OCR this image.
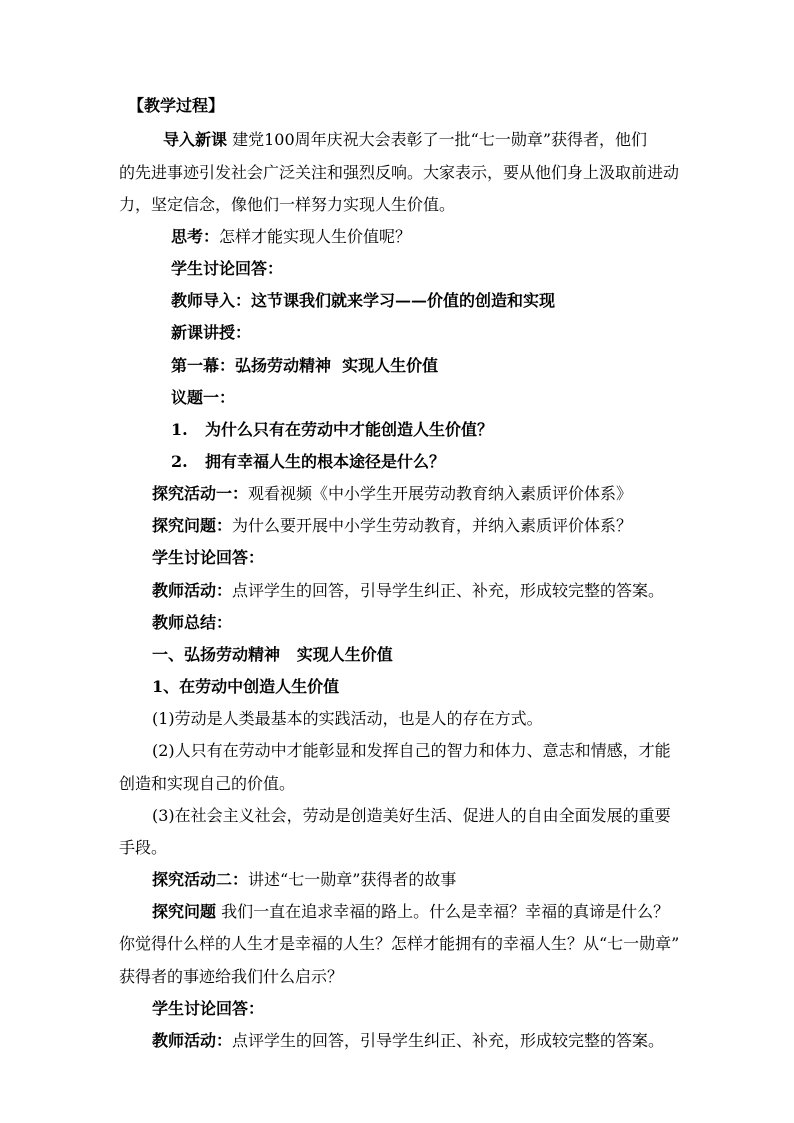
【教学过程】
导入新课 建党100周年庆祝大会表彰了一批“七一勋章”获得者，他们
的先进事迹引发社会广泛关注和强烈反响。大家表示，要从他们身上汲取前进动
力，坚定信念，像他们一样努力实现人生价值。
思考：怎样才能实现人生价值呢？
学生讨论回答：
教师导入：这节课我们就来学习——价值的创造和实现
新课讲授：
第一幕：弘扬劳动精神  实现人生价值
议题一：
1. 为什么只有在劳动中才能创造人生价值？
2. 拥有幸福人生的根本途径是什么？
探究活动一：观看视频《中小学生开展劳动教育纳入素质评价体系》
探究问题：为什么要开展中小学生劳动教育，并纳入素质评价体系？
学生讨论回答：
教师活动：点评学生的回答，引导学生纠正、补充，形成较完整的答案。
教师总结：
一、弘扬劳动精神   实现人生价值
1、在劳动中创造人生价值
(1)劳动是人类最基本的实践活动，也是人的存在方式。
(2)人只有在劳动中才能彰显和发挥自己的智力和体力、意志和情感，才能
创造和实现自己的价值。
(3)在社会主义社会，劳动是创造美好生活、促进人的自由全面发展的重要
手段。
探究活动二：讲述“七一勋章”获得者的故事
探究问题 我们一直在追求幸福的路上。什么是幸福？幸福的真谛是什么？
你觉得什么样的人生才是幸福的人生？怎样才能拥有的幸福人生？从“七一勋章”
获得者的事迹给我们什么启示？
学生讨论回答：
教师活动：点评学生的回答，引导学生纠正、补充，形成较完整的答案。
